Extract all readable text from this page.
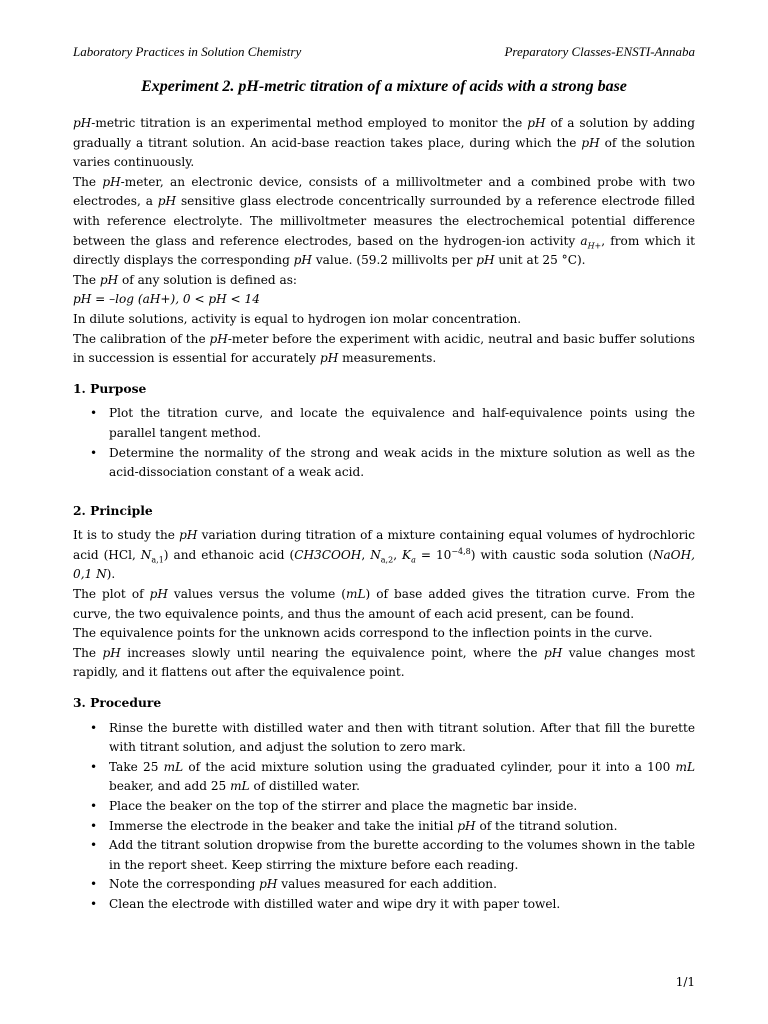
Laboratory Practices in Solution Chemistry	Preparatory Classes-ENSTI-Annaba
Experiment 2. pH-metric titration of a mixture of acids with a strong base

pH-metric titration is an experimental method employed to monitor the pH of a solution by adding gradually a titrant solution. An acid-base reaction takes place, during which the pH of the solution varies continuously.

The pH-meter, an electronic device, consists of a millivoltmeter and a combined probe with two electrodes, a pH sensitive glass electrode concentrically surrounded by a reference electrode filled with reference electrolyte. The millivoltmeter measures the electrochemical potential difference between the glass and reference electrodes, based on the hydrogen-ion activity $a_{H+}$, from which it directly displays the corresponding pH value. (59.2 millivolts per pH unit at 25 °C).

The pH of any solution is defined as:

pH = –log (aH+), 0 < pH < 14

In dilute solutions, activity is equal to hydrogen ion molar concentration.

The calibration of the pH-meter before the experiment with acidic, neutral and basic buffer solutions in succession is essential for accurately pH measurements.

1. Purpose
• Plot the titration curve, and locate the equivalence and half-equivalence points using the parallel tangent method.
• Determine the normality of the strong and weak acids in the mixture solution as well as the acid-dissociation constant of a weak acid.
2. Principle

It is to study the pH variation during titration of a mixture containing equal volumes of hydrochloric acid (HCl, $N_{a,1}$) and ethanoic acid (CH3COOH, $N_{a,2}$, $K_a = 10^{-4,8}$) with caustic soda solution (NaOH, 0,1 N).

The plot of pH values versus the volume (mL) of base added gives the titration curve. From the curve, the two equivalence points, and thus the amount of each acid present, can be found.

The equivalence points for the unknown acids correspond to the inflection points in the curve.

The pH increases slowly until nearing the equivalence point, where the pH value changes most rapidly, and it flattens out after the equivalence point.

3. Procedure
• Rinse the burette with distilled water and then with titrant solution. After that fill the burette with titrant solution, and adjust the solution to zero mark.
• Take 25 mL of the acid mixture solution using the graduated cylinder, pour it into a 100 mL beaker, and add 25 mL of distilled water.
• Place the beaker on the top of the stirrer and place the magnetic bar inside.
• Immerse the electrode in the beaker and take the initial pH of the titrand solution.
• Add the titrant solution dropwise from the burette according to the volumes shown in the table in the report sheet. Keep stirring the mixture before each reading.
• Note the corresponding pH values measured for each addition.
• Clean the electrode with distilled water and wipe dry it with paper towel.
1/1
